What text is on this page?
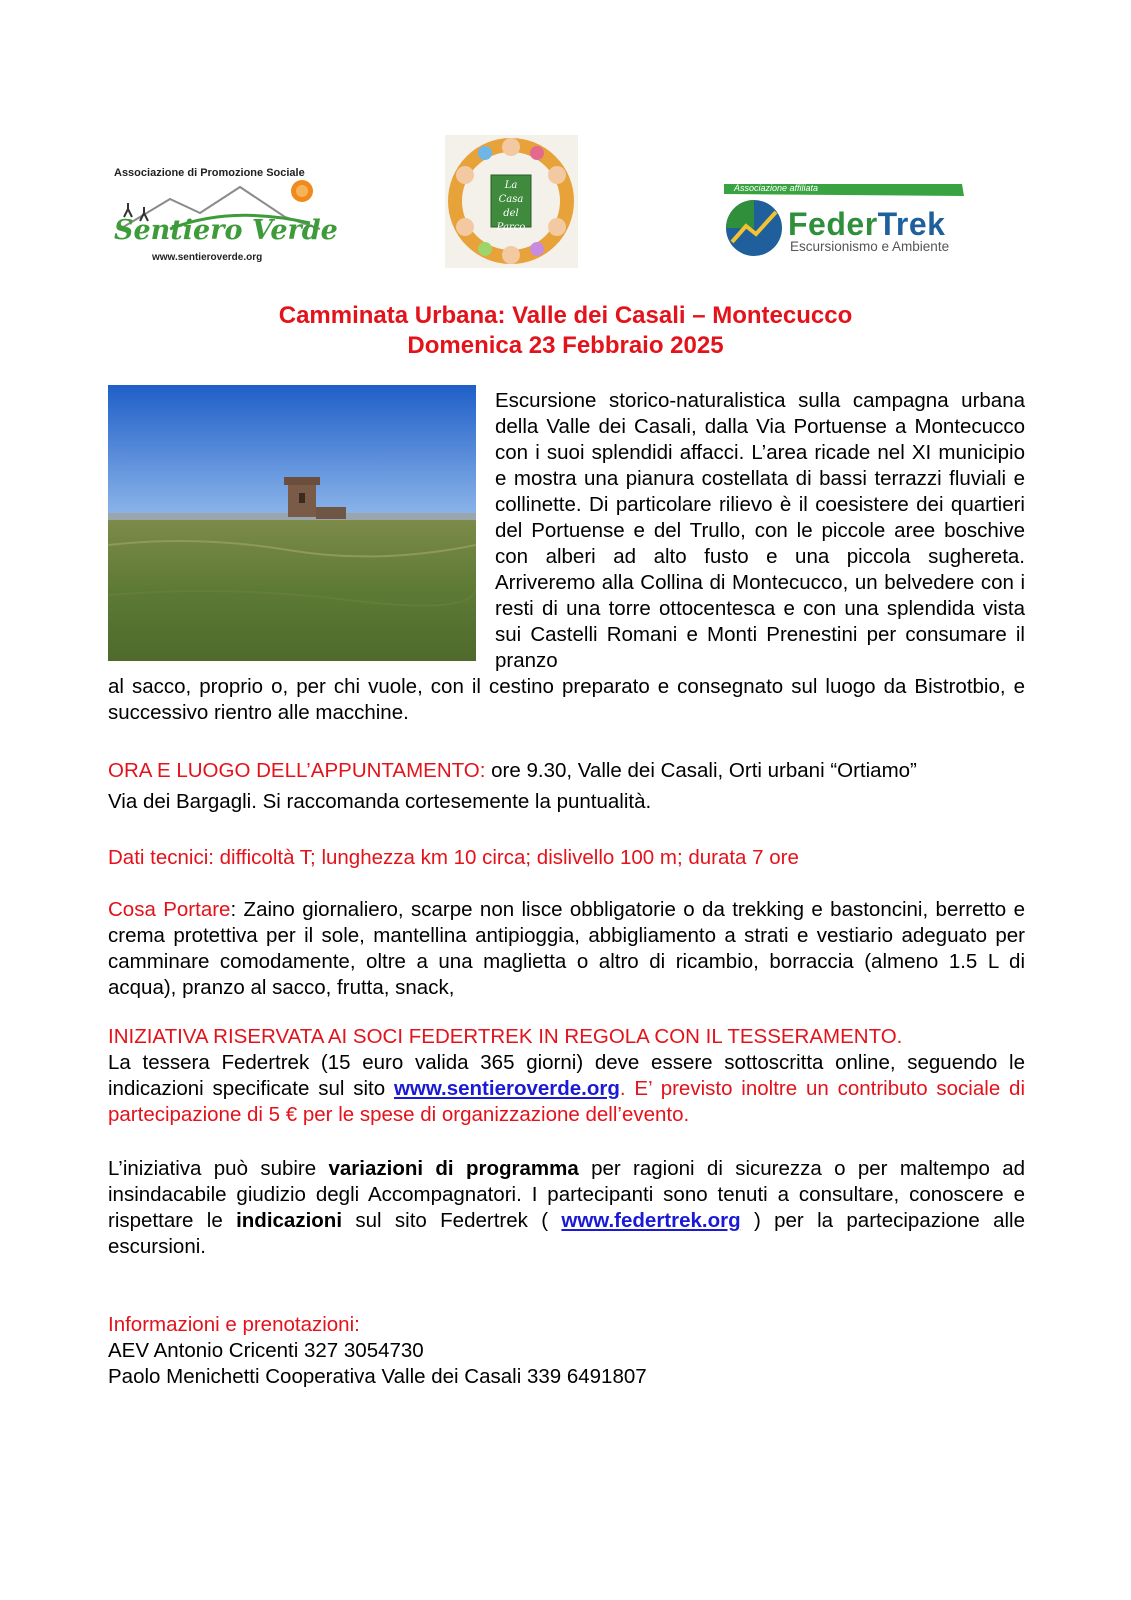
Associazione di Promozione Sociale
Sentiero Verde
www.sentieroverde.org
La Casa
del
Parco
Associazione affiliata
FederTrek
Escursionismo e Ambiente
Camminata Urbana: Valle dei Casali – Montecucco
Domenica 23 Febbraio 2025
Escursione storico-naturalistica sulla campagna urbana della Valle dei Casali, dalla Via Portuense a Montecucco con i suoi splendidi affacci. L’area ricade nel XI municipio e mostra una pianura costellata di bassi terrazzi fluviali e collinette. Di particolare rilievo è il coesistere dei quartieri del Portuense e del Trullo, con le piccole aree boschive con alberi ad alto fusto e una piccola sughereta. Arriveremo alla Collina di Montecucco, un belvedere con i resti di una torre ottocentesca e con una splendida vista sui Castelli Romani e Monti Prenestini per consumare il pranzo
al sacco, proprio o, per chi vuole, con il cestino preparato e consegnato sul luogo da Bistrotbio, e successivo rientro alle macchine.
ORA E LUOGO DELL’APPUNTAMENTO: ore 9.30, Valle dei Casali, Orti urbani “Ortiamo”
Via dei Bargagli. Si raccomanda cortesemente la puntualità.
Dati tecnici: difficoltà T; lunghezza km 10 circa; dislivello 100 m; durata 7 ore
Cosa Portare: Zaino giornaliero, scarpe non lisce obbligatorie o da trekking e bastoncini, berretto e crema protettiva per il sole, mantellina antipioggia, abbigliamento a strati e vestiario adeguato per camminare comodamente, oltre a una maglietta o altro di ricambio, borraccia (almeno 1.5 L di acqua), pranzo al sacco, frutta, snack,
INIZIATIVA RISERVATA AI SOCI FEDERTREK IN REGOLA CON IL TESSERAMENTO.
La tessera Federtrek (15 euro valida 365 giorni) deve essere sottoscritta online, seguendo le indicazioni specificate sul sito www.sentieroverde.org. E’ previsto inoltre un contributo sociale di partecipazione di 5 € per le spese di organizzazione dell’evento.
L’iniziativa può subire variazioni di programma per ragioni di sicurezza o per maltempo ad insindacabile giudizio degli Accompagnatori. I partecipanti sono tenuti a consultare, conoscere e rispettare le indicazioni sul sito Federtrek ( www.federtrek.org ) per la partecipazione alle escursioni.
Informazioni e prenotazioni:
AEV Antonio Cricenti 327 3054730
Paolo Menichetti Cooperativa Valle dei Casali 339 6491807
